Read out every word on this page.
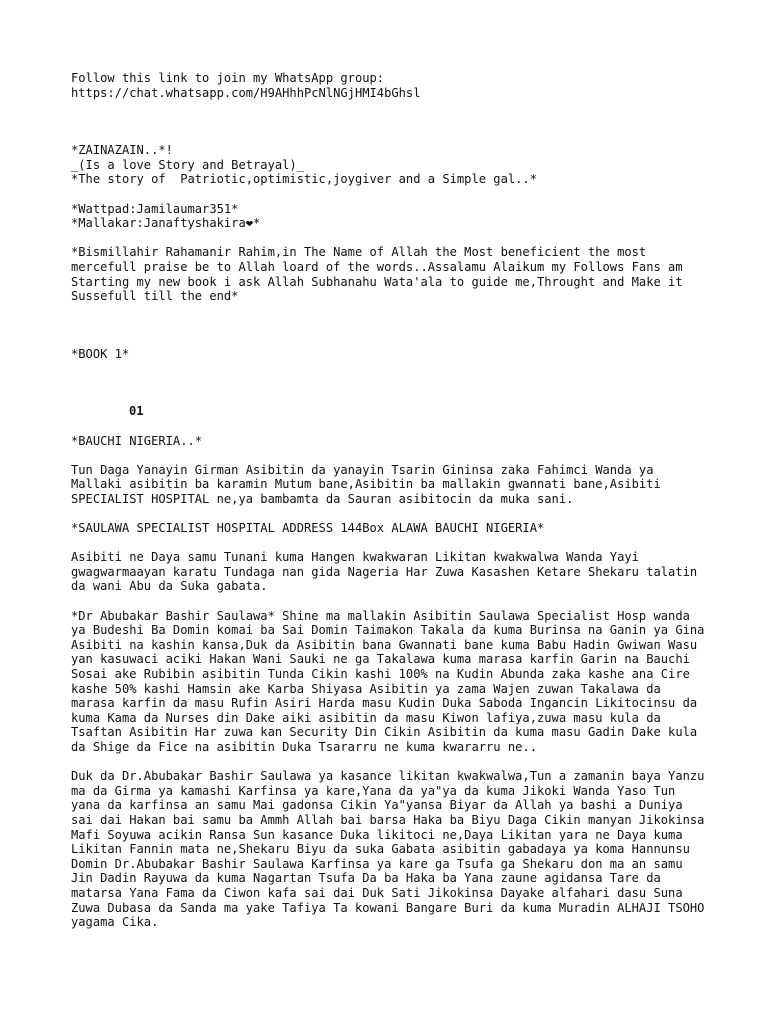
Follow this link to join my WhatsApp group:
https://chat.whatsapp.com/H9AHhhPcNlNGjHMI4bGhsl
*ZAINAZAIN..*!
_(Is a love Story and Betrayal)_
*The story of  Patriotic,optimistic,joygiver and a Simple gal..*
*Wattpad:Jamilaumar351*
*Mallakar:Janaftyshakira❤*
*Bismillahir Rahamanir Rahim,in The Name of Allah the Most beneficient the most mercefull praise be to Allah loard of the words..Assalamu Alaikum my Follows Fans am Starting my new book i ask Allah Subhanahu Wata'ala to guide me,Throught and Make it Sussefull till the end*
*BOOK 1*
01
*BAUCHI NIGERIA..*
Tun Daga Yanayin Girman Asibitin da yanayin Tsarin Gininsa zaka Fahimci Wanda ya Mallaki asibitin ba karamin Mutum bane,Asibitin ba mallakin gwannati bane,Asibiti SPECIALIST HOSPITAL ne,ya bambamta da Sauran asibitocin da muka sani.
*SAULAWA SPECIALIST HOSPITAL ADDRESS 144Box ALAWA BAUCHI NIGERIA*
Asibiti ne Daya samu Tunani kuma Hangen kwakwaran Likitan kwakwalwa Wanda Yayi gwagwarmaayan karatu Tundaga nan gida Nageria Har Zuwa Kasashen Ketare Shekaru talatin da wani Abu da Suka gabata.
*Dr Abubakar Bashir Saulawa* Shine ma mallakin Asibitin Saulawa Specialist Hosp wanda ya Budeshi Ba Domin komai ba Sai Domin Taimakon Takala da kuma Burinsa na Ganin ya Gina Asibiti na kashin kansa,Duk da Asibitin bana Gwannati bane kuma Babu Hadin Gwiwan Wasu yan kasuwaci aciki Hakan Wani Sauki ne ga Takalawa kuma marasa karfin Garin na Bauchi Sosai ake Rubibin asibitin Tunda Cikin kashi 100% na Kudin Abunda zaka kashe ana Cire kashe 50% kashi Hamsin ake Karba Shiyasa Asibitin ya zama Wajen zuwan Takalawa da marasa karfin da masu Rufin Asiri Harda masu Kudin Duka Saboda Ingancin Likitocinsu da kuma Kama da Nurses din Dake aiki asibitin da masu Kiwon lafiya,zuwa masu kula da Tsaftan Asibitin Har zuwa kan Security Din Cikin Asibitin da kuma masu Gadin Dake kula da Shige da Fice na asibitin Duka Tsararru ne kuma kwararru ne..
Duk da Dr.Abubakar Bashir Saulawa ya kasance likitan kwakwalwa,Tun a zamanin baya Yanzu ma da Girma ya kamashi Karfinsa ya kare,Yana da ya"ya da kuma Jikoki Wanda Yaso Tun yana da karfinsa an samu Mai gadonsa Cikin Ya"yansa Biyar da Allah ya bashi a Duniya sai dai Hakan bai samu ba Ammh Allah bai barsa Haka ba Biyu Daga Cikin manyan Jikokinsa Mafi Soyuwa acikin Ransa Sun kasance Duka likitoci ne,Daya Likitan yara ne Daya kuma Likitan Fannin mata ne,Shekaru Biyu da suka Gabata asibitin gabadaya ya koma Hannunsu Domin Dr.Abubakar Bashir Saulawa Karfinsa ya kare ga Tsufa ga Shekaru don ma an samu Jin Dadin Rayuwa da kuma Nagartan Tsufa Da ba Haka ba Yana zaune agidansa Tare da matarsa Yana Fama da Ciwon kafa sai dai Duk Sati Jikokinsa Dayake alfahari dasu Suna Zuwa Dubasa da Sanda ma yake Tafiya Ta kowani Bangare Buri da kuma Muradin ALHAJI TSOHO yagama Cika.
